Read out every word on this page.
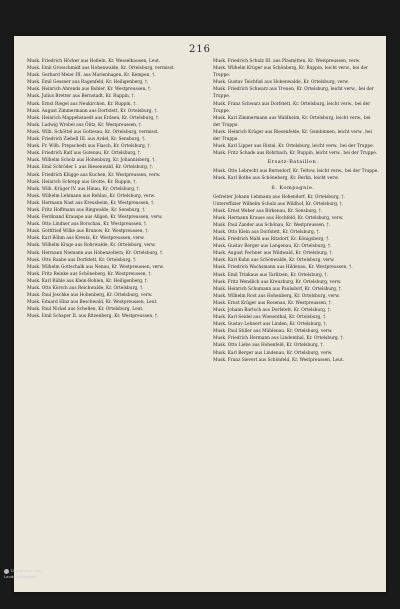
216

Musk. Friedrich Höcker aus Hoßeln, Kr. Wesselhausen, Leut.

Musk. Emil Grosschmidt aus Hohenwalde, Kr. Ortelsburg, vermisst.

Musk. Gerhard Meier III. aus Marienhagen, Kr. Kempen, †.

Musk. Emil Gessner aus Ragenfeld, Kr. Heiligenberg, †.

Musk. Heinrich Ahrends aus Bohler, Kr. Westpreussen, †.

Musk. Julius Bretter aus Bernstadt, Kr. Ruppin, †.

Musk. Ernst Riegel aus Neukirchen, Kr. Ruppin, †.

Musk. August Zimmermann aus Dorfstett, Kr. Ortelsburg, †.

Musk. Heinrich Mappehstaedt aus Erdsen, Kr. Ortelsburg, †.

Musk. Ludwig Wrobel aus Ölitz, Kr. Westpreussen, †.

Musk. Wilh. Schöttel aus Gottesau, Kr. Ortelsburg, vermisst.

Musk. Friedrich Ziebell III. aus Ardel, Kr. Sensburg, †.

Musk. Fr. Wilh. Prepschedt aus Flasch, Kr. Ortelsburg, †.

Musk. Friedrich Ralf aus Gutenau, Kr. Ortelsburg, †.

Musk. Wilhelm Scholz aus Hohenburg, Kr. Johannisberg, †.

Musk. Emil Schröder I. aus Riesenwald, Kr. Ortelsburg, †.

Musk. Friedrich Klügge aus Kuchen, Kr. Westpreussen, verw.

Musk. Heinrich Schrepp aus Grotte, Kr. Ruppin, †.

Musk. Wilh. Krüger IV. aus Hinau, Kr. Ortelsburg, †.

Musk. Wilhelm Lehmann aus Rehlau, Kr. Ortelsburg, verw.

Musk. Hermann Nast aus Kreusheim, Kr. Westpreussen, †.

Musk. Fritz Hoffmann aus Ringwalde, Kr. Sensburg, †.

Musk. Ferdinand Krauspe aus Allgen, Kr. Westpreussen, verw.

Musk. Otto Lindner aus Borschau, Kr. Westpreussen, †.

Musk. Gottfried Wilke aus Brunow, Kr. Westpreussen, †.

Musk. Karl Böhm aus Kreutz, Kr. Westpreussen, verw.

Musk. Wilhelm Kluge aus Rohrwalde, Kr. Ortelsburg, verw.

Musk. Hermann Niemann aus Hohenzollern, Kr. Ortelsburg, †.

Musk. Otto Raabe aus Dorfstett, Kr. Ortelsburg, †.

Musk. Wilhelm Gottschalk aus Nenau, Kr. Westpreussen, verw.

Musk. Fritz Reinke aus Schöneberg, Kr. Westpreussen, †.

Musk. Karl Rühle aus Klein-Rohlen, Kr. Heiligenberg, †.

Musk. Otto Körsch aus Reichwalde, Kr. Ortelsburg, †.

Musk. Paul Jeschke aus Hohenberg, Kr. Ortelsburg, verw.

Musk. Eduard Hinz aus Beschwald, Kr. Westpreussen, Leut.

Musk. Paul Nickel aus Schellen, Kr. Ortelsburg, Leut.

Musk. Emil Schaper II. aus Ritzenberg, Kr. Westpreussen, †.

Musk. Friedrich Schulz III. aus Plasmitten, Kr. Westpreussen, verw.

Musk. Wilhelm Krüger aus Schönberg, Kr. Ruppin, leicht verw., bei der Truppe.

Musk. Gustav Teichfuß aus Hohenwalde, Kr. Ortelsburg, verw.

Musk. Friedrich Schwarz aus Treuen, Kr. Ortelsburg, leicht verw., bei der Truppe.

Musk. Franz Schwarz aus Dorfstett, Kr. Ortelsburg, leicht verw., bei der Truppe.

Musk. Karl Zimmermann aus Waldheim, Kr. Ortelsburg, leicht verw., bei der Truppe.

Musk. Heinrich Krüger aus Riesenfelde, Kr. Gumbinnen, leicht verw., bei der Truppe.

Musk. Karl Lipper aus Rixtal, Kr. Ortelsburg, leicht verw., bei der Truppe.

Musk. Fritz Schade aus Rohrbach, Kr. Ruppin, leicht verw., bei der Truppe.

Ersatz-Bataillon.

Musk. Otto Lebrecht aus Bernsdorf, Kr. Teltow, leicht verw., bei der Truppe.

Musk. Karl Bothe aus Schöneberg, Kr. Berlin, leicht verw.

6. Kompagnie.

Gefreiter Johann Lehmann aus Hohendorf, Kr. Ortelsburg, †.

Unteroffizier Wilhelm Schulz aus Wildhof, Kr. Ortelsburg, †.

Musk. Ernst Weber aus Birkenau, Kr. Sensburg, †.

Musk. Hermann Krause aus Hochfeld, Kr. Ortelsburg, verw.

Musk. Paul Zander aus Schönau, Kr. Westpreussen, †.

Musk. Otto Klein aus Dorfstett, Kr. Ortelsburg, †.

Musk. Friedrich Mahl aus Ritzdorf, Kr. Königsberg, †.

Musk. Gustav Berger aus Langenau, Kr. Ortelsburg, †.

Musk. August Fechner aus Wildwald, Kr. Ortelsburg, †.

Musk. Karl Kuhn aus Schönwalde, Kr. Ortelsburg, verw.

Musk. Friedrich Wachsmann aus Hildenau, Kr. Westpreussen, †.

Musk. Emil Trinkaus aus Tarlitzen, Kr. Ortelsburg, †.

Musk. Fritz Wendlich aus Kreuzburg, Kr. Ortelsburg, verw.

Musk. Heinrich Schumann aus Paulsdorf, Kr. Ortelsburg, †.

Musk. Wilhelm Rost aus Hohenberg, Kr. Ortelsburg, verw.

Musk. Ernst Krüger aus Rosenau, Kr. Westpreussen, †.

Musk. Johann Bartsch aus Dorfstett, Kr. Ortelsburg, †.

Musk. Karl Seidel aus Wiesenthal, Kr. Ortelsburg, †.

Musk. Gustav Lehnert aus Linden, Kr. Ortelsburg, †.

Musk. Paul Stiller aus Mühlenau, Kr. Ortelsburg, verw.

Musk. Friedrich Hermann aus Lindenthal, Kr. Ortelsburg, †.

Musk. Otto Liebe aus Hohenfeld, Kr. Ortelsburg, †.

Musk. Karl Berger aus Lindenau, Kr. Ortelsburg, verw.

Musk. Franz Sievert aus Schönfeld, Kr. Westpreussen, Leut.

Digitalisiert von
Landesbibliothek
